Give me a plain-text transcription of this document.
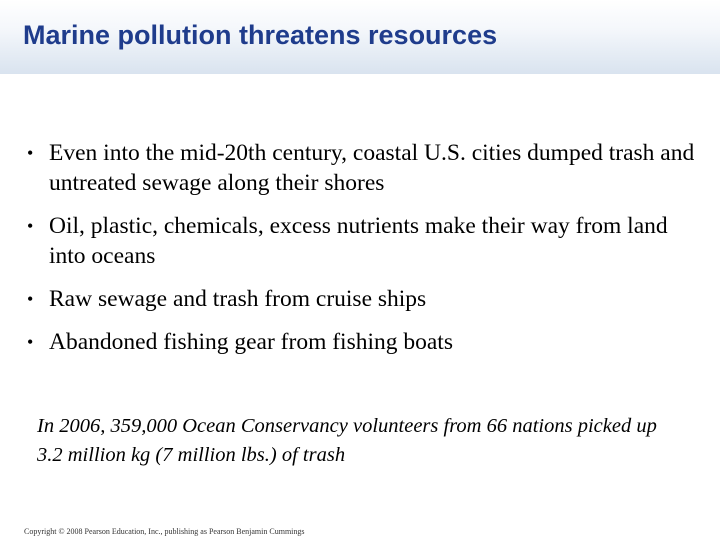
Marine pollution threatens resources
• Even into the mid-20th century, coastal U.S. cities dumped trash and untreated sewage along their shores
• Oil, plastic, chemicals, excess nutrients make their way from land into oceans
• Raw sewage and trash from cruise ships
• Abandoned fishing gear from fishing boats
In 2006, 359,000 Ocean Conservancy volunteers from 66 nations picked up 3.2 million kg (7 million lbs.) of trash
Copyright © 2008 Pearson Education, Inc., publishing as Pearson Benjamin Cummings
